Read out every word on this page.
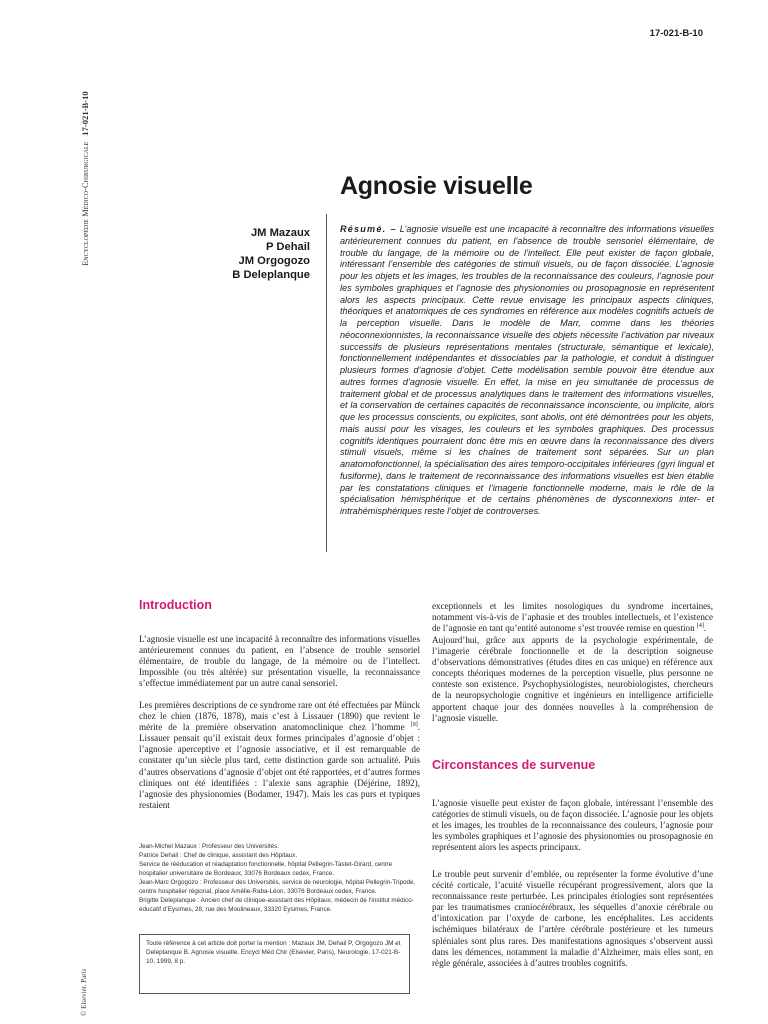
Encyclopédie Médico-Chirurgicale17-021-B-10
© Elsevier, Paris
17-021-B-10
Agnosie visuelle
JM Mazaux
P Dehail
JM Orgogozo
B Deleplanque

Résumé. – L’agnosie visuelle est une incapacité à reconnaître des informations visuelles antérieurement connues du patient, en l’absence de trouble sensoriel élémentaire, de trouble du langage, de la mémoire ou de l’intellect. Elle peut exister de façon globale, intéressant l’ensemble des catégories de stimuli visuels, ou de façon dissociée. L’agnosie pour les objets et les images, les troubles de la reconnaissance des couleurs, l’agnosie pour les symboles graphiques et l’agnosie des physionomies ou prosopagnosie en représentent alors les aspects principaux. Cette revue envisage les principaux aspects cliniques, théoriques et anatomiques de ces syndromes en référence aux modèles cognitifs actuels de la perception visuelle. Dans le modèle de Marr, comme dans les théories néoconnexionnistes, la reconnaissance visuelle des objets nécessite l’activation par niveaux successifs de plusieurs représentations mentales (structurale, sémantique et lexicale), fonctionnellement indépendantes et dissociables par la pathologie, et conduit à distinguer plusieurs formes d’agnosie d’objet. Cette modélisation semble pouvoir être étendue aux autres formes d’agnosie visuelle. En effet, la mise en jeu simultanée de processus de traitement global et de processus analytiques dans le traitement des informations visuelles, et la conservation de certaines capacités de reconnaissance inconsciente, ou implicite, alors que les processus conscients, ou explicites, sont abolis, ont été démontrées pour les objets, mais aussi pour les visages, les couleurs et les symboles graphiques. Des processus cognitifs identiques pourraient donc être mis en œuvre dans la reconnaissance des divers stimuli visuels, même si les chaînes de traitement sont séparées. Sur un plan anatomofonctionnel, la spécialisation des aires temporo-occipitales inférieures (gyri lingual et fusiforme), dans le traitement de reconnaissance des informations visuelles est bien établie par les constatations cliniques et l’imagerie fonctionnelle moderne, mais le rôle de la spécialisation hémisphérique et de certains phénomènes de dysconnexions inter- et intrahémisphériques reste l’objet de controverses.

Introduction

L’agnosie visuelle est une incapacité à reconnaître des informations visuelles antérieurement connues du patient, en l’absence de trouble sensoriel élémentaire, de trouble du langage, de la mémoire ou de l’intellect. Impossible (ou très altérée) sur présentation visuelle, la reconnaissance s’effectue immédiatement par un autre canal sensoriel.

Les premières descriptions de ce syndrome rare ont été effectuées par Münck chez le chien (1876, 1878), mais c’est à Lissauer (1890) que revient le mérite de la première observation anatomoclinique chez l’homme [9]. Lissauer pensait qu’il existait deux formes principales d’agnosie d’objet : l’agnosie aperceptive et l’agnosie associative, et il est remarquable de constater qu’un siècle plus tard, cette distinction garde son actualité. Puis d’autres observations d’agnosie d’objet ont été rapportées, et d’autres formes cliniques ont été identifiées : l’alexie sans agraphie (Déjérine, 1892), l’agnosie des physionomies (Bodamer, 1947). Mais les cas purs et typiques restaient

Jean-Michel Mazaux : Professeur des Universités.
Patrice Dehail : Chef de clinique, assistant des Hôpitaux.
Service de rééducation et réadaptation fonctionnelle, hôpital Pellegrin-Tastet-Girard, centre hospitalier universitaire de Bordeaux, 33076 Bordeaux cedex, France.
Jean-Marc Orgogozo : Professeur des Universités, service de neurologie, hôpital Pellegrin-Tripode, centre hospitalier régional, place Amélie-Raba-Léon, 33076 Bordeaux cedex, France.
Brigitte Deleplanque : Ancien chef de clinique-assistant des Hôpitaux, médecin de l’institut médico-éducatif d’Eysimes, 28, rue des Moulineaux, 33320 Eysimes, France.
Toute référence à cet article doit porter la mention : Mazaux JM, Dehail P, Orgogozo JM et Deleplanque B. Agnosie visuelle. Encycl Méd Chir (Elsevier, Paris), Neurologie, 17-021-B-10, 1999, 8 p.

exceptionnels et les limites nosologiques du syndrome incertaines, notamment vis-à-vis de l’aphasie et des troubles intellectuels, et l’existence de l’agnosie en tant qu’entité autonome s’est trouvée remise en question [4].

Aujourd’hui, grâce aux apports de la psychologie expérimentale, de l’imagerie cérébrale fonctionnelle et de la description soigneuse d’observations démonstratives (études dites en cas unique) en référence aux concepts théoriques modernes de la perception visuelle, plus personne ne conteste son existence. Psychophysiologistes, neurobiologistes, chercheurs de la neuropsychologie cognitive et ingénieurs en intelligence artificielle apportent chaque jour des données nouvelles à la compréhension de l’agnosie visuelle.

Circonstances de survenue

L’agnosie visuelle peut exister de façon globale, intéressant l’ensemble des catégories de stimuli visuels, ou de façon dissociée. L’agnosie pour les objets et les images, les troubles de la reconnaissance des couleurs, l’agnosie pour les symboles graphiques et l’agnosie des physionomies ou prosopagnosie en représentent alors les aspects principaux.

Le trouble peut survenir d’emblée, ou représenter la forme évolutive d’une cécité corticale, l’acuité visuelle récupérant progressivement, alors que la reconnaissance reste perturbée. Les principales étiologies sont représentées par les traumatismes craniocérébraux, les séquelles d’anoxie cérébrale ou d’intoxication par l’oxyde de carbone, les encéphalites. Les accidents ischémiques bilatéraux de l’artère cérébrale postérieure et les tumeurs spléniales sont plus rares. Des manifestations agnosiques s’observent aussi dans les démences, notamment la maladie d’Alzheimer, mais elles sont, en règle générale, associées à d’autres troubles cognitifs.
